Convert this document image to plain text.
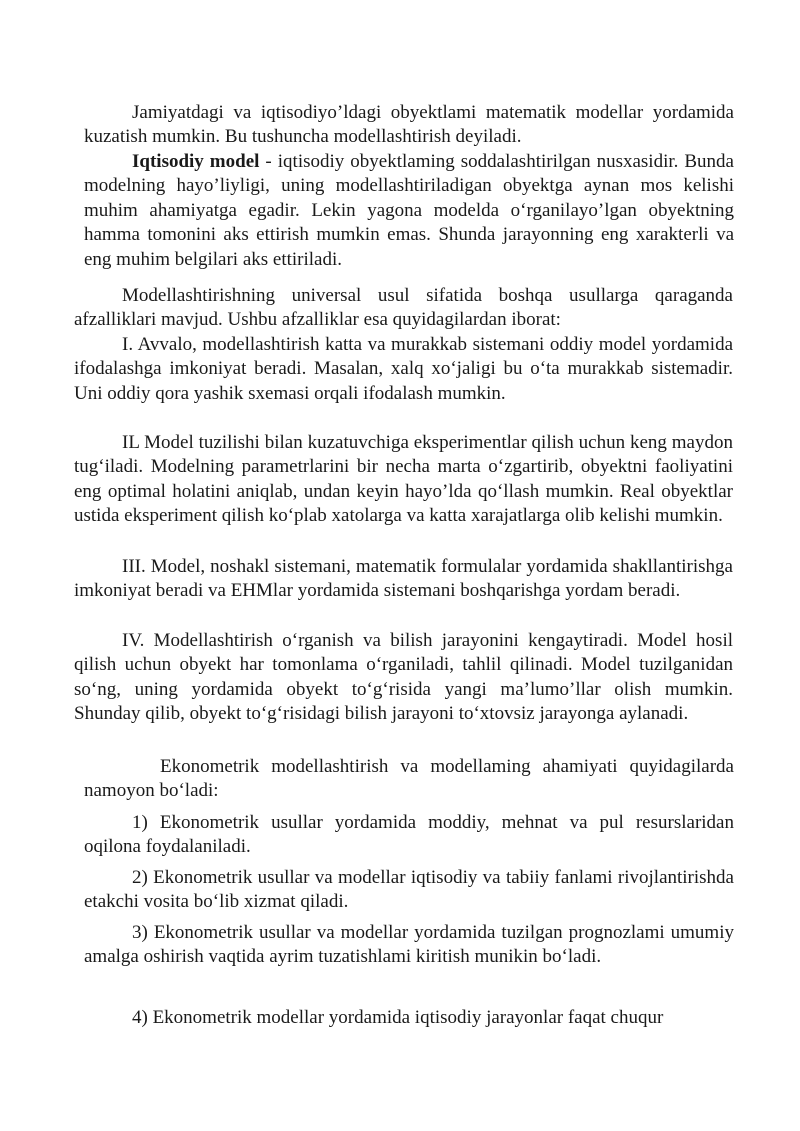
Jamiyatdagi va iqtisodiyo’ldagi obyektlami matematik modellar yordamida kuzatish mumkin. Bu tushuncha modellashtirish deyiladi.

Iqtisodiy model - iqtisodiy obyektlaming soddalashtirilgan nusxasidir. Bunda modelning hayo’liyligi, uning modellashtiriladigan obyektga aynan mos kelishi muhim ahamiyatga egadir. Lekin yagona modelda o‘rganilayo’lgan obyektning hamma tomonini aks ettirish mumkin emas. Shunda jarayonning eng xarakterli va eng muhim belgilari aks ettiriladi.

Modellashtirishning universal usul sifatida boshqa usullarga qaraganda afzalliklari mavjud. Ushbu afzalliklar esa quyidagilardan iborat:

I. Avvalo, modellashtirish katta va murakkab sistemani oddiy model yordamida ifodalashga imkoniyat beradi. Masalan, xalq xo‘jaligi bu o‘ta murakkab sistemadir. Uni oddiy qora yashik sxemasi orqali ifodalash mumkin.

IL Model tuzilishi bilan kuzatuvchiga eksperimentlar qilish uchun keng maydon tug‘iladi. Modelning parametrlarini bir necha marta o‘zgartirib, obyektni faoliyatini eng optimal holatini aniqlab, undan keyin hayo’lda qo‘llash mumkin. Real obyektlar ustida eksperiment qilish ko‘plab xatolarga va katta xarajatlarga olib kelishi mumkin.

III. Model, noshakl sistemani, matematik formulalar yordamida shakllantirishga imkoniyat beradi va EHMlar yordamida sistemani boshqarishga yordam beradi.

IV. Modellashtirish o‘rganish va bilish jarayonini kengaytiradi. Model hosil qilish uchun obyekt har tomonlama o‘rganiladi, tahlil qilinadi. Model tuzilganidan so‘ng, uning yordamida obyekt to‘g‘risida yangi ma’lumo’llar olish mumkin. Shunday qilib, obyekt to‘g‘risidagi bilish jarayoni to‘xtovsiz jarayonga aylanadi.

Ekonometrik modellashtirish va modellaming ahamiyati quyidagilarda namoyon bo‘ladi:

1) Ekonometrik usullar yordamida moddiy, mehnat va pul resurslaridan oqilona foydalaniladi.

2) Ekonometrik usullar va modellar iqtisodiy va tabiiy fanlami rivojlantirishda etakchi vosita bo‘lib xizmat qiladi.

3) Ekonometrik usullar va modellar yordamida tuzilgan prognozlami umumiy amalga oshirish vaqtida ayrim tuzatishlami kiritish munikin bo‘ladi.

4) Ekonometrik modellar yordamida iqtisodiy jarayonlar faqat chuqur
